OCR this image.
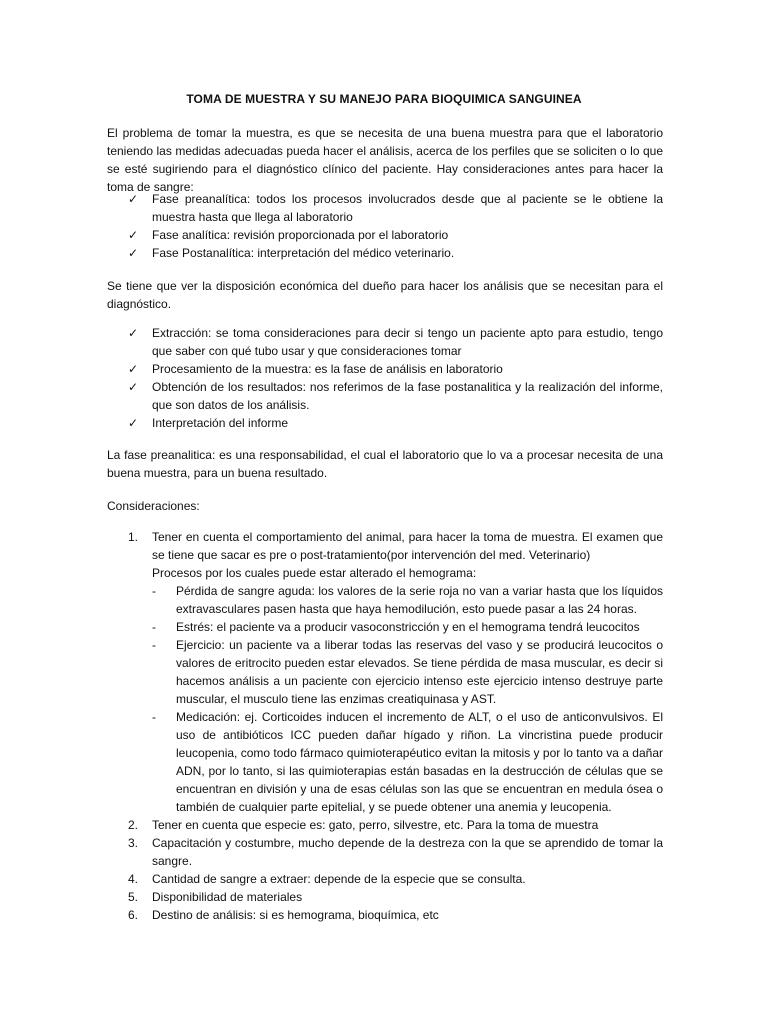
TOMA DE MUESTRA Y SU MANEJO PARA BIOQUIMICA SANGUINEA

El problema de tomar la muestra, es que se necesita de una buena muestra para que el laboratorio teniendo las medidas adecuadas pueda hacer el análisis, acerca de los perfiles que se soliciten o lo que se esté sugiriendo para el diagnóstico clínico del paciente. Hay consideraciones antes para hacer la toma de sangre:

✓ Fase preanalítica: todos los procesos involucrados desde que al paciente se le obtiene la muestra hasta que llega al laboratorio
✓ Fase analítica: revisión proporcionada por el laboratorio
✓ Fase Postanalítica: interpretación del médico veterinario.

Se tiene que ver la disposición económica del dueño para hacer los análisis que se necesitan para el diagnóstico.

✓ Extracción: se toma consideraciones para decir si tengo un paciente apto para estudio, tengo que saber con qué tubo usar y que consideraciones tomar
✓ Procesamiento de la muestra: es la fase de análisis en laboratorio
✓ Obtención de los resultados: nos referimos de la fase postanalitica y la realización del informe, que son datos de los análisis.
✓ Interpretación del informe

La fase preanalitica: es una responsabilidad, el cual el laboratorio que lo va a procesar necesita de una buena muestra, para un buena resultado.

Consideraciones:

1. Tener en cuenta el comportamiento del animal, para hacer la toma de muestra. El examen que se tiene que sacar es pre o post-tratamiento(por intervención del med. Veterinario)
Procesos por los cuales puede estar alterado el hemograma:
- Pérdida de sangre aguda: los valores de la serie roja no van a variar hasta que los líquidos extravasculares pasen hasta que haya hemodilución, esto puede pasar a las 24 horas.
- Estrés: el paciente va a producir vasoconstricción y en el hemograma tendrá leucocitos
- Ejercicio: un paciente va a liberar todas las reservas del vaso y se producirá leucocitos o valores de eritrocito pueden estar elevados. Se tiene pérdida de masa muscular, es decir si hacemos análisis a un paciente con ejercicio intenso este ejercicio intenso destruye parte muscular, el musculo tiene las enzimas creatiquinasa y AST.
- Medicación: ej. Corticoides inducen el incremento de ALT, o el uso de anticonvulsivos. El uso de antibióticos ICC pueden dañar hígado y riñon. La vincristina puede producir leucopenia, como todo fármaco quimioterapéutico evitan la mitosis y por lo tanto va a dañar ADN, por lo tanto, si las quimioterapias están basadas en la destrucción de células que se encuentran en división y una de esas células son las que se encuentran en medula ósea o también de cualquier parte epitelial, y se puede obtener una anemia y leucopenia.
2. Tener en cuenta que especie es: gato, perro, silvestre, etc. Para la toma de muestra
3. Capacitación y costumbre, mucho depende de la destreza con la que se aprendido de tomar la sangre.
4. Cantidad de sangre a extraer: depende de la especie que se consulta.
5. Disponibilidad de materiales
6. Destino de análisis: si es hemograma, bioquímica, etc
